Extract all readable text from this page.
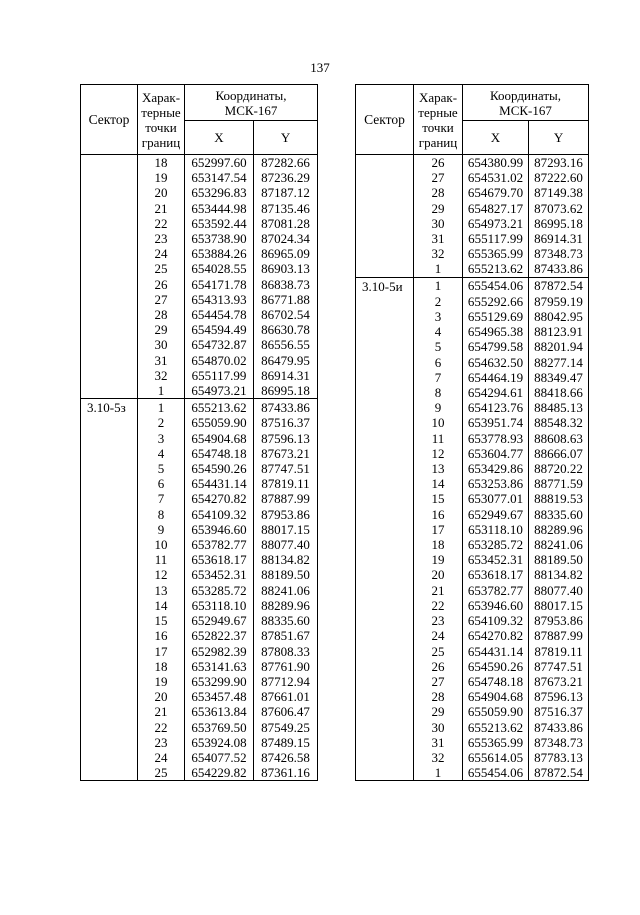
137
Сектор	Харак-
терные
точки
границ	Координаты,
МСК-167	
		X	Y
	18	652997.60	87282.66
	19	653147.54	87236.29
	20	653296.83	87187.12
	21	653444.98	87135.46
	22	653592.44	87081.28
	23	653738.90	87024.34
	24	653884.26	86965.09
	25	654028.55	86903.13
	26	654171.78	86838.73
	27	654313.93	86771.88
	28	654454.78	86702.54
	29	654594.49	86630.78
	30	654732.87	86556.55
	31	654870.02	86479.95
	32	655117.99	86914.31
	1	654973.21	86995.18
3.10-5з	1	655213.62	87433.86
	2	655059.90	87516.37
	3	654904.68	87596.13
	4	654748.18	87673.21
	5	654590.26	87747.51
	6	654431.14	87819.11
	7	654270.82	87887.99
	8	654109.32	87953.86
	9	653946.60	88017.15
	10	653782.77	88077.40
	11	653618.17	88134.82
	12	653452.31	88189.50
	13	653285.72	88241.06
	14	653118.10	88289.96
	15	652949.67	88335.60
	16	652822.37	87851.67
	17	652982.39	87808.33
	18	653141.63	87761.90
	19	653299.90	87712.94
	20	653457.48	87661.01
	21	653613.84	87606.47
	22	653769.50	87549.25
	23	653924.08	87489.15
	24	654077.52	87426.58
	25	654229.82	87361.16
Сектор	Харак-
терные
точки
границ	Координаты,
МСК-167	
		X	Y
	26	654380.99	87293.16
	27	654531.02	87222.60
	28	654679.70	87149.38
	29	654827.17	87073.62
	30	654973.21	86995.18
	31	655117.99	86914.31
	32	655365.99	87348.73
	1	655213.62	87433.86
3.10-5и	1	655454.06	87872.54
	2	655292.66	87959.19
	3	655129.69	88042.95
	4	654965.38	88123.91
	5	654799.58	88201.94
	6	654632.50	88277.14
	7	654464.19	88349.47
	8	654294.61	88418.66
	9	654123.76	88485.13
	10	653951.74	88548.32
	11	653778.93	88608.63
	12	653604.77	88666.07
	13	653429.86	88720.22
	14	653253.86	88771.59
	15	653077.01	88819.53
	16	652949.67	88335.60
	17	653118.10	88289.96
	18	653285.72	88241.06
	19	653452.31	88189.50
	20	653618.17	88134.82
	21	653782.77	88077.40
	22	653946.60	88017.15
	23	654109.32	87953.86
	24	654270.82	87887.99
	25	654431.14	87819.11
	26	654590.26	87747.51
	27	654748.18	87673.21
	28	654904.68	87596.13
	29	655059.90	87516.37
	30	655213.62	87433.86
	31	655365.99	87348.73
	32	655614.05	87783.13
	1	655454.06	87872.54
